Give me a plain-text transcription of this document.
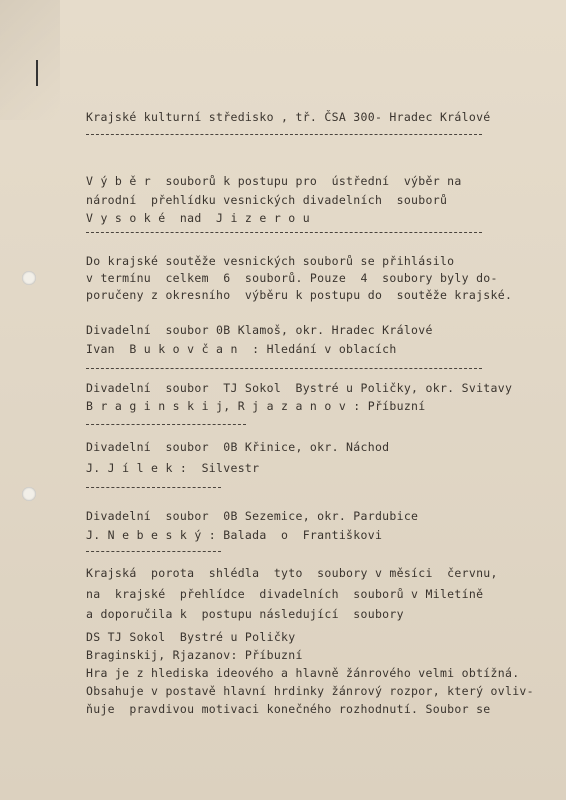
Krajské kulturní středisko , tř. ČSA 300- Hradec Králové

V ý b ě r  souborů k postupu pro  ústřední  výběr na

národní  přehlídku vesnických divadelních  souborů

V y s o k é  nad  J i z e r o u

Do krajské soutěže vesnických souborů se přihlásilo

v termínu  celkem  6  souborů. Pouze  4  soubory byly do-

poručeny z okresního  výběru k postupu do  soutěže krajské.

Divadelní  soubor 0B Klamoš, okr. Hradec Králové

Ivan  B u k o v č a n  : Hledání v oblacích

Divadelní  soubor  TJ Sokol  Bystré u Poličky, okr. Svitavy

B r a g i n s k i j, R j a z a n o v : Příbuzní

Divadelní  soubor  0B Křinice, okr. Náchod

J. J í l e k :  Silvestr

Divadelní  soubor  0B Sezemice, okr. Pardubice

J. N e b e s k ý : Balada  o  Františkovi

Krajská  porota  shlédla  tyto  soubory v měsíci  červnu,

na  krajské  přehlídce  divadelních  souborů v Miletíně

a doporučila k  postupu následující  soubory

DS TJ Sokol  Bystré u Poličky

Braginskij, Rjazanov: Příbuzní

Hra je z hlediska ideového a hlavně žánrového velmi obtížná.

Obsahuje v postavě hlavní hrdinky žánrový rozpor, který ovliv-

ňuje  pravdivou motivaci konečného rozhodnutí. Soubor se
